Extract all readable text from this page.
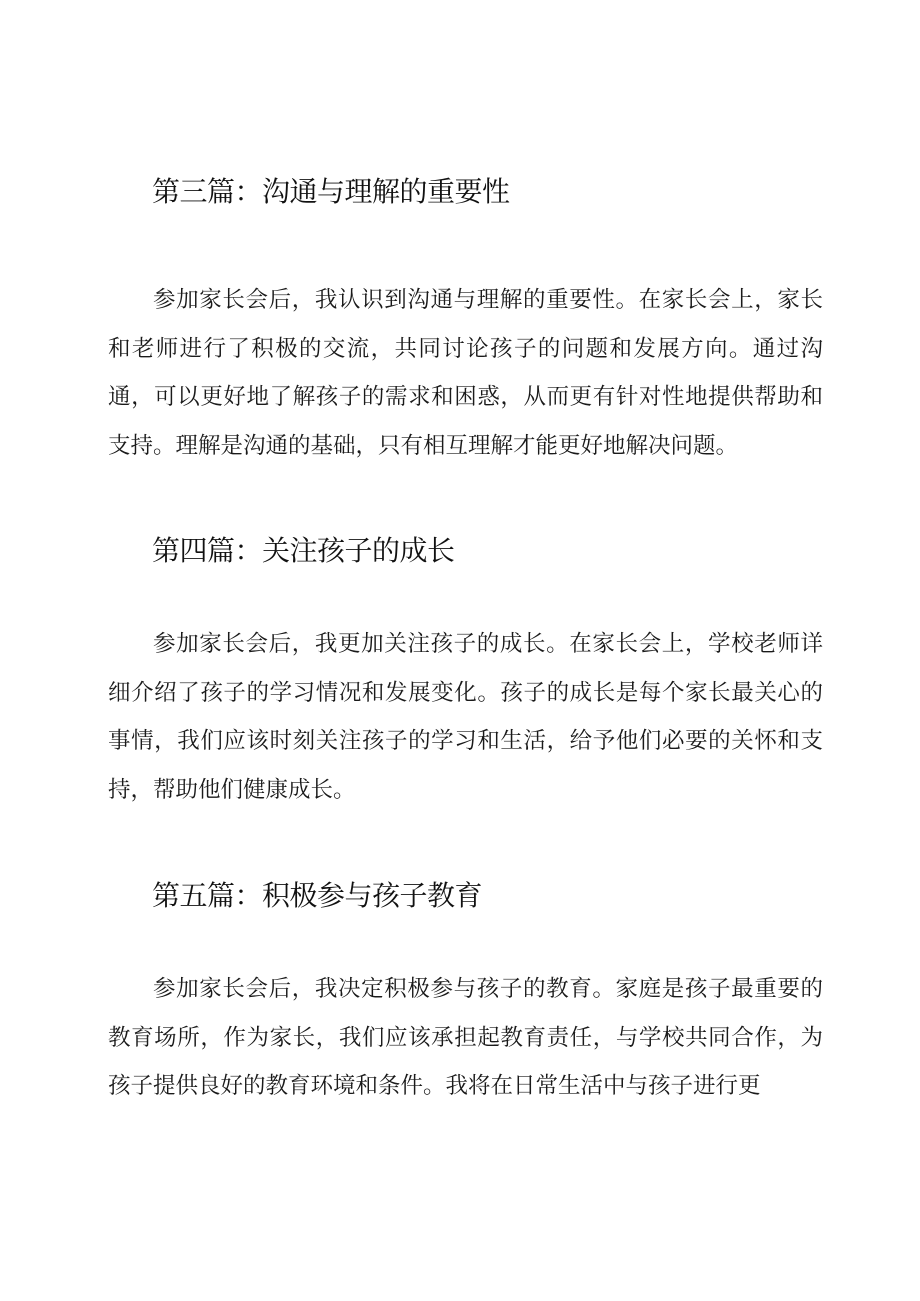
第三篇：沟通与理解的重要性

参加家长会后，我认识到沟通与理解的重要性。在家长会上，家长和老师进行了积极的交流，共同讨论孩子的问题和发展方向。通过沟通，可以更好地了解孩子的需求和困惑，从而更有针对性地提供帮助和支持。理解是沟通的基础，只有相互理解才能更好地解决问题。

第四篇：关注孩子的成长

参加家长会后，我更加关注孩子的成长。在家长会上，学校老师详细介绍了孩子的学习情况和发展变化。孩子的成长是每个家长最关心的事情，我们应该时刻关注孩子的学习和生活，给予他们必要的关怀和支持，帮助他们健康成长。

第五篇：积极参与孩子教育

参加家长会后，我决定积极参与孩子的教育。家庭是孩子最重要的教育场所，作为家长，我们应该承担起教育责任，与学校共同合作，为孩子提供良好的教育环境和条件。我将在日常生活中与孩子进行更
